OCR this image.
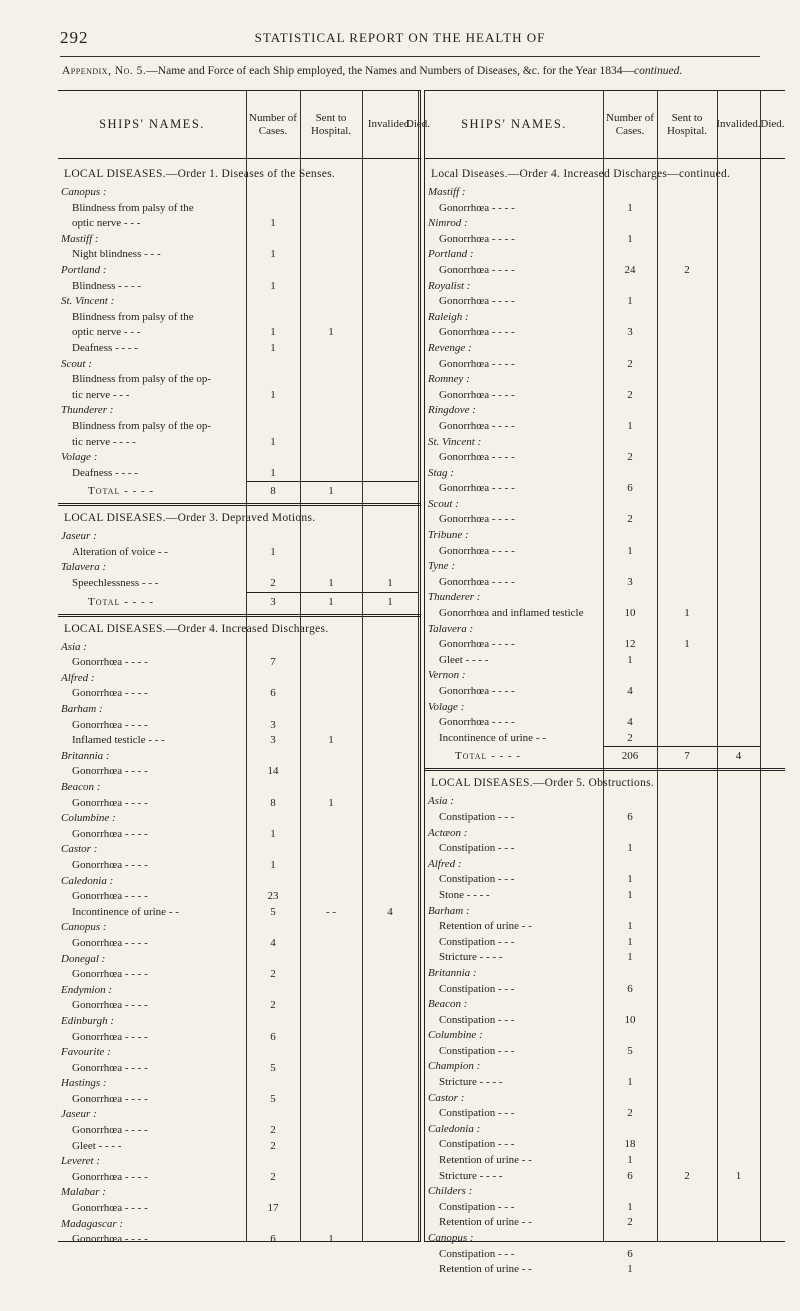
292	STATISTICAL REPORT ON THE HEALTH OF
Appendix, No. 5.—Name and Force of each Ship employed, the Names and Numbers of Diseases, &c. for the Year 1834—continued.
SHIPS' NAMES.	Number of Cases.
Sent to Hospital.
Invalided.
Died.
LOCAL DISEASES.—Order 1. Diseases of the Senses.
Canopus :
Blindness from palsy of the
optic nerve - - -	1
Mastiff :
Night blindness - - -	1
Portland :
Blindness - - - -	1
St. Vincent :
Blindness from palsy of the
optic nerve - - -	1	1
Deafness - - - -	1
Scout :
Blindness from palsy of the op-
tic nerve - - -	1
Thunderer :
Blindness from palsy of the op-
tic nerve - - - -	1
Volage :
Deafness - - - -	1
Total - - - -	8	1
LOCAL DISEASES.—Order 3. Depraved Motions.
Jaseur :
Alteration of voice - -	1
Talavera :
Speechlessness - - -	2	1	1
Total - - - -	3	1	1
LOCAL DISEASES.—Order 4. Increased Discharges.
Asia :
Gonorrhœa - - - -	7
Alfred :
Gonorrhœa - - - -	6
Barham :
Gonorrhœa - - - -	3
Inflamed testicle - - -	3	1
Britannia :
Gonorrhœa - - - -	14
Beacon :
Gonorrhœa - - - -	8	1
Columbine :
Gonorrhœa - - - -	1
Castor :
Gonorrhœa - - - -	1
Caledonia :
Gonorrhœa - - - -	23
Incontinence of urine - -	5	- -	4
Canopus :
Gonorrhœa - - - -	4
Donegal :
Gonorrhœa - - - -	2
Endymion :
Gonorrhœa - - - -	2
Edinburgh :
Gonorrhœa - - - -	6
Favourite :
Gonorrhœa - - - -	5
Hastings :
Gonorrhœa - - - -	5
Jaseur :
Gonorrhœa - - - -	2
Gleet - - - -	2
Leveret :
Gonorrhœa - - - -	2
Malabar :
Gonorrhœa - - - -	17
Madagascar :
Gonorrhœa - - - -	6	1
SHIPS' NAMES.	Number of Cases.
Sent to Hospital.
Invalided. Died.
Local Diseases.—Order 4. Increased Discharges—continued.
Mastiff :
Gonorrhœa - - - -	1
Nimrod :
Gonorrhœa - - - -	1
Portland :
Gonorrhœa - - - -	24	2
Royalist :
Gonorrhœa - - - -	1
Raleigh :
Gonorrhœa - - - -	3
Revenge :
Gonorrhœa - - - -	2
Romney :
Gonorrhœa - - - -	2
Ringdove :
Gonorrhœa - - - -	1
St. Vincent :
Gonorrhœa - - - -	2
Stag :
Gonorrhœa - - - -	6
Scout :
Gonorrhœa - - - -	2
Tribune :
Gonorrhœa - - - -	1
Tyne :
Gonorrhœa - - - -	3
Thunderer :
Gonorrhœa and inflamed testicle	10	1
Talavera :
Gonorrhœa - - - -	12	1
Gleet - - - -	1
Vernon :
Gonorrhœa - - - -	4
Volage :
Gonorrhœa - - - -	4
Incontinence of urine - -	2
Total - - - -	206	7	4
LOCAL DISEASES.—Order 5. Obstructions.
Asia :
Constipation - - -	6
Actæon :
Constipation - - -	1
Alfred :
Constipation - - -	1
Stone - - - -	1
Barham :
Retention of urine - -	1
Constipation - - -	1
Stricture - - - -	1
Britannia :
Constipation - - -	6
Beacon :
Constipation - - -	10
Columbine :
Constipation - - -	5
Champion :
Stricture - - - -	1
Castor :
Constipation - - -	2
Caledonia :
Constipation - - -	18
Retention of urine - -	1
Stricture - - - -	6	2	1
Childers :
Constipation - - -	1
Retention of urine - -	2
Canopus :
Constipation - - -	6
Retention of urine - -	1
